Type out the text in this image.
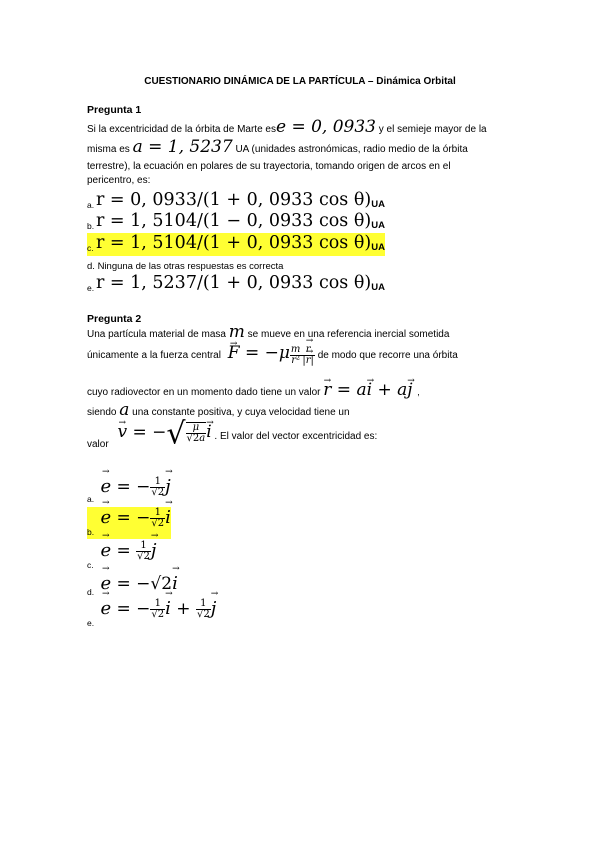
CUESTIONARIO DINÁMICA DE LA PARTÍCULA – Dinámica Orbital
Pregunta 1
Si la excentricidad de la órbita de Marte ese = 0, 0933 y el semieje mayor de la
misma es a = 1, 5237 UA (unidades astronómicas, radio medio de la órbita
terrestre), la ecuación en polares de su trayectoria, tomando origen de arcos en el
pericentro, es:
a. r = 0, 0933/(1 + 0, 0933 cos θ)UA
b. r = 1, 5104/(1 − 0, 0933 cos θ)UA
c. r = 1, 5104/(1 + 0, 0933 cos θ)UA
d. Ninguna de las otras respuestas es correcta
e. r = 1, 5237/(1 + 0, 0933 cos θ)UA
Pregunta 2
Una partícula material de masa m se mueve en una referencia inercial sometida
únicamente a la fuerza central → $F = -\mu \frac{m}{\text{r²}}$
→ $\frac{r}{|\to r|}$ de modo que recorre una órbita
cuyo radiovector en un momento dado tiene un valor → r = a→ i + a→ j ,
siendo a una constante positiva, y cuya velocidad tiene un
valor → v = −√ $\frac{\mu}{√2a}$
→ i . El valor del vector excentricidad es:
a. → e = − $\frac{1}{√2}$
→ j
b. → e = − $\frac{1}{√2}$
→ i
c. → $e = \frac{1}{√2}$
→ j
d. → e = −√2→ i
e. → e = − $\frac{1}{√2}$
→ $i + \frac{1}{√2}$
→ j
